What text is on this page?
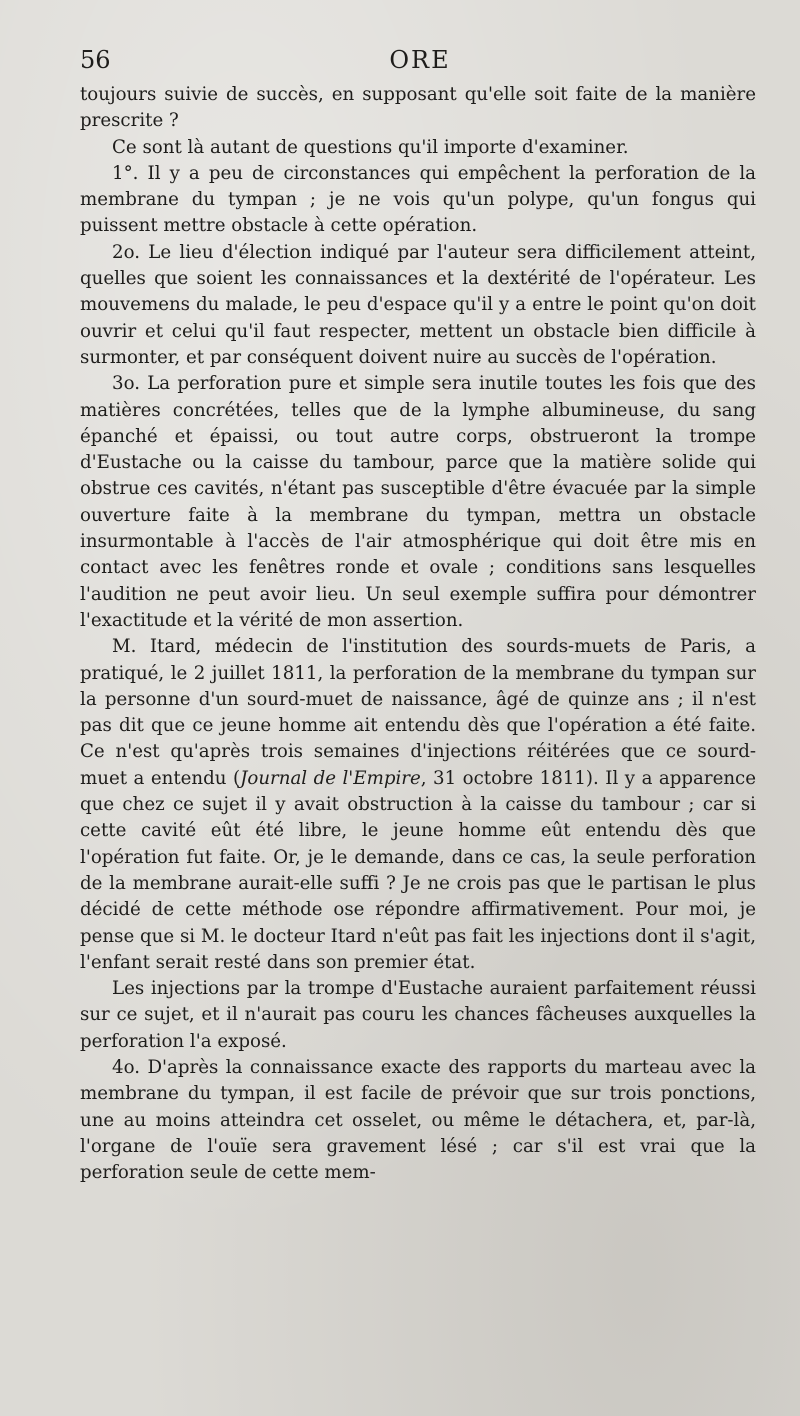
56	ORE

toujours suivie de succès, en supposant qu'elle soit faite de la manière prescrite ?

Ce sont là autant de questions qu'il importe d'examiner.

1°. Il y a peu de circonstances qui empêchent la perforation de la membrane du tympan ; je ne vois qu'un polype, qu'un fongus qui puissent mettre obstacle à cette opération.

2o. Le lieu d'élection indiqué par l'auteur sera difficilement atteint, quelles que soient les connaissances et la dextérité de l'opérateur. Les mouvemens du malade, le peu d'espace qu'il y a entre le point qu'on doit ouvrir et celui qu'il faut respecter, mettent un obstacle bien difficile à surmonter, et par conséquent doivent nuire au succès de l'opération.

3o. La perforation pure et simple sera inutile toutes les fois que des matières concrétées, telles que de la lymphe albumineuse, du sang épanché et épaissi, ou tout autre corps, obstrueront la trompe d'Eustache ou la caisse du tambour, parce que la matière solide qui obstrue ces cavités, n'étant pas susceptible d'être évacuée par la simple ouverture faite à la membrane du tympan, mettra un obstacle insurmontable à l'accès de l'air atmosphérique qui doit être mis en contact avec les fenêtres ronde et ovale ; conditions sans lesquelles l'audition ne peut avoir lieu. Un seul exemple suffira pour démontrer l'exactitude et la vérité de mon assertion.

M. Itard, médecin de l'institution des sourds-muets de Paris, a pratiqué, le 2 juillet 1811, la perforation de la membrane du tympan sur la personne d'un sourd-muet de naissance, âgé de quinze ans ; il n'est pas dit que ce jeune homme ait entendu dès que l'opération a été faite. Ce n'est qu'après trois semaines d'injections réitérées que ce sourd-muet a entendu (Journal de l'Empire, 31 octobre 1811). Il y a apparence que chez ce sujet il y avait obstruction à la caisse du tambour ; car si cette cavité eût été libre, le jeune homme eût entendu dès que l'opération fut faite. Or, je le demande, dans ce cas, la seule perforation de la membrane aurait-elle suffi ? Je ne crois pas que le partisan le plus décidé de cette méthode ose répondre affirmativement. Pour moi, je pense que si M. le docteur Itard n'eût pas fait les injections dont il s'agit, l'enfant serait resté dans son premier état.

Les injections par la trompe d'Eustache auraient parfaitement réussi sur ce sujet, et il n'aurait pas couru les chances fâcheuses auxquelles la perforation l'a exposé.

4o. D'après la connaissance exacte des rapports du marteau avec la membrane du tympan, il est facile de prévoir que sur trois ponctions, une au moins atteindra cet osselet, ou même le détachera, et, par-là, l'organe de l'ouïe sera gravement lésé ; car s'il est vrai que la perforation seule de cette mem-
